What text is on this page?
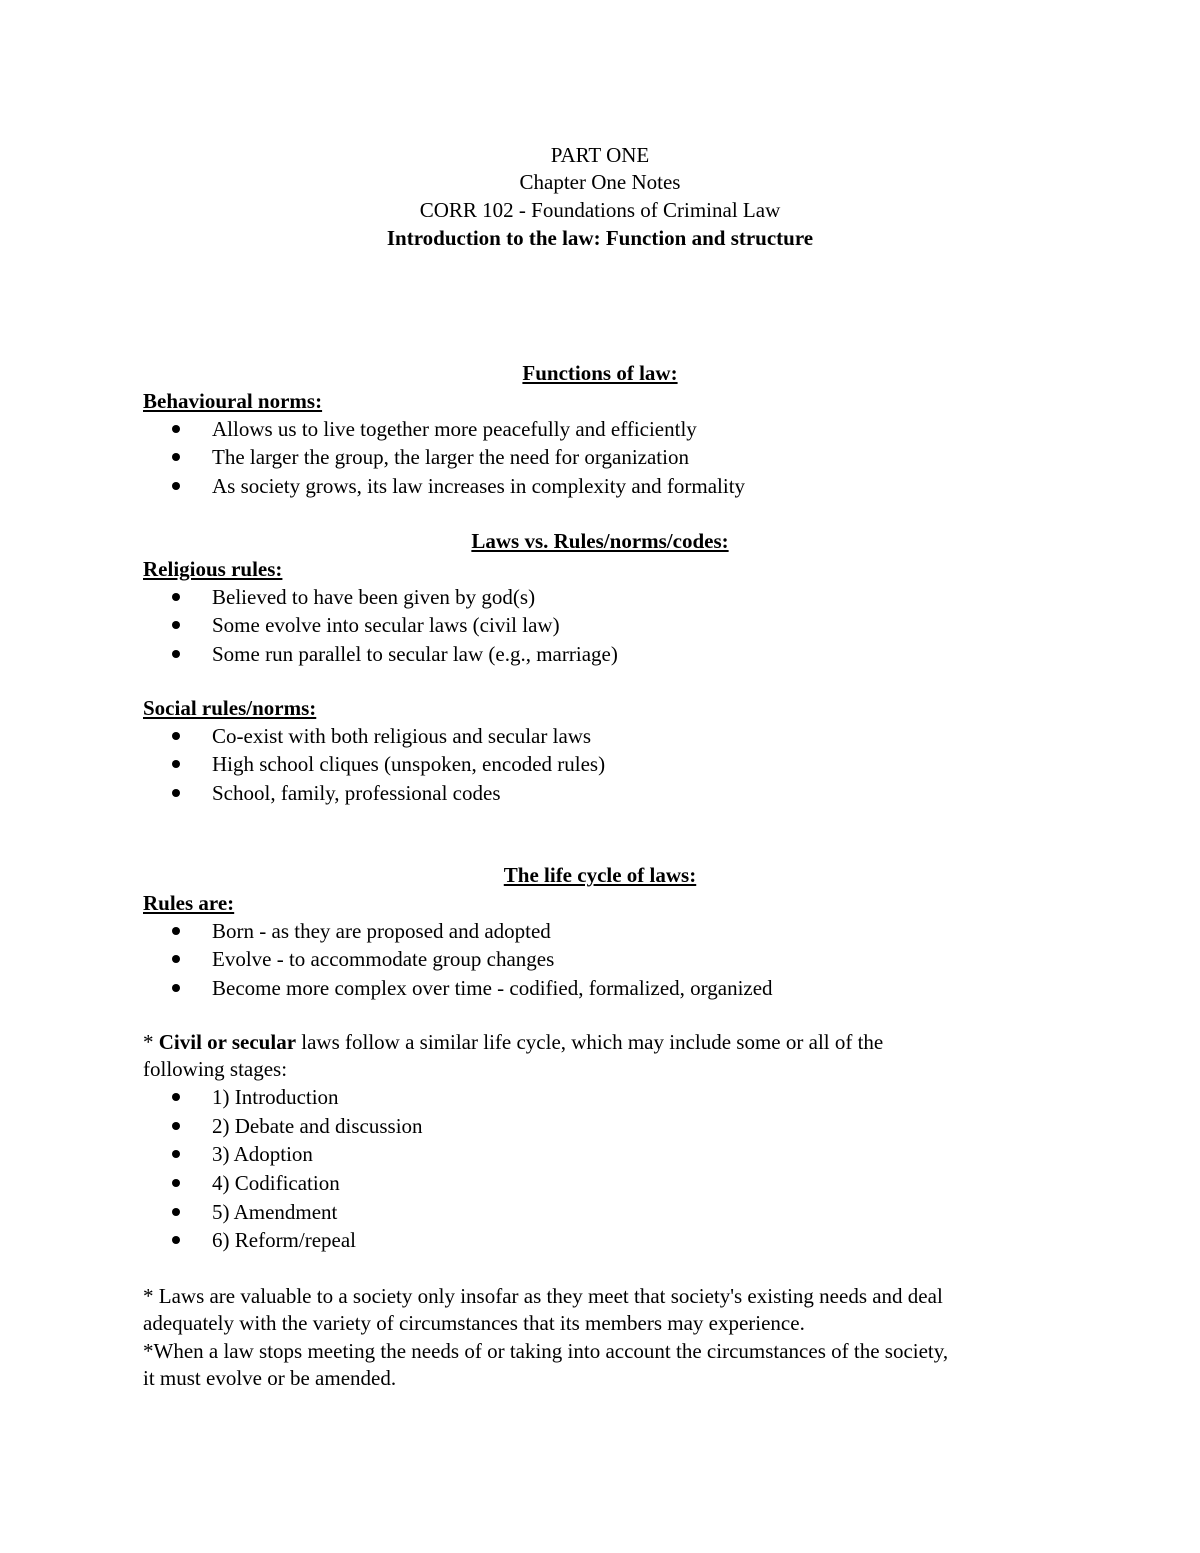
PART ONE
Chapter One Notes
CORR 102 - Foundations of Criminal Law
Introduction to the law: Function and structure
Functions of law:
Behavioural norms:
Allows us to live together more peacefully and efficiently
The larger the group, the larger the need for organization
As society grows, its law increases in complexity and formality
Laws vs. Rules/norms/codes:
Religious rules:
Believed to have been given by god(s)
Some evolve into secular laws (civil law)
Some run parallel to secular law (e.g., marriage)
Social rules/norms:
Co-exist with both religious and secular laws
High school cliques (unspoken, encoded rules)
School, family, professional codes
The life cycle of laws:
Rules are:
Born - as they are proposed and adopted
Evolve - to accommodate group changes
Become more complex over time - codified, formalized, organized
* Civil or secular laws follow a similar life cycle, which may include some or all of the
following stages:
1) Introduction
2) Debate and discussion
3) Adoption
4) Codification
5) Amendment
6) Reform/repeal
* Laws are valuable to a society only insofar as they meet that society's existing needs and deal
adequately with the variety of circumstances that its members may experience.
*When a law stops meeting the needs of or taking into account the circumstances of the society,
it must evolve or be amended.
